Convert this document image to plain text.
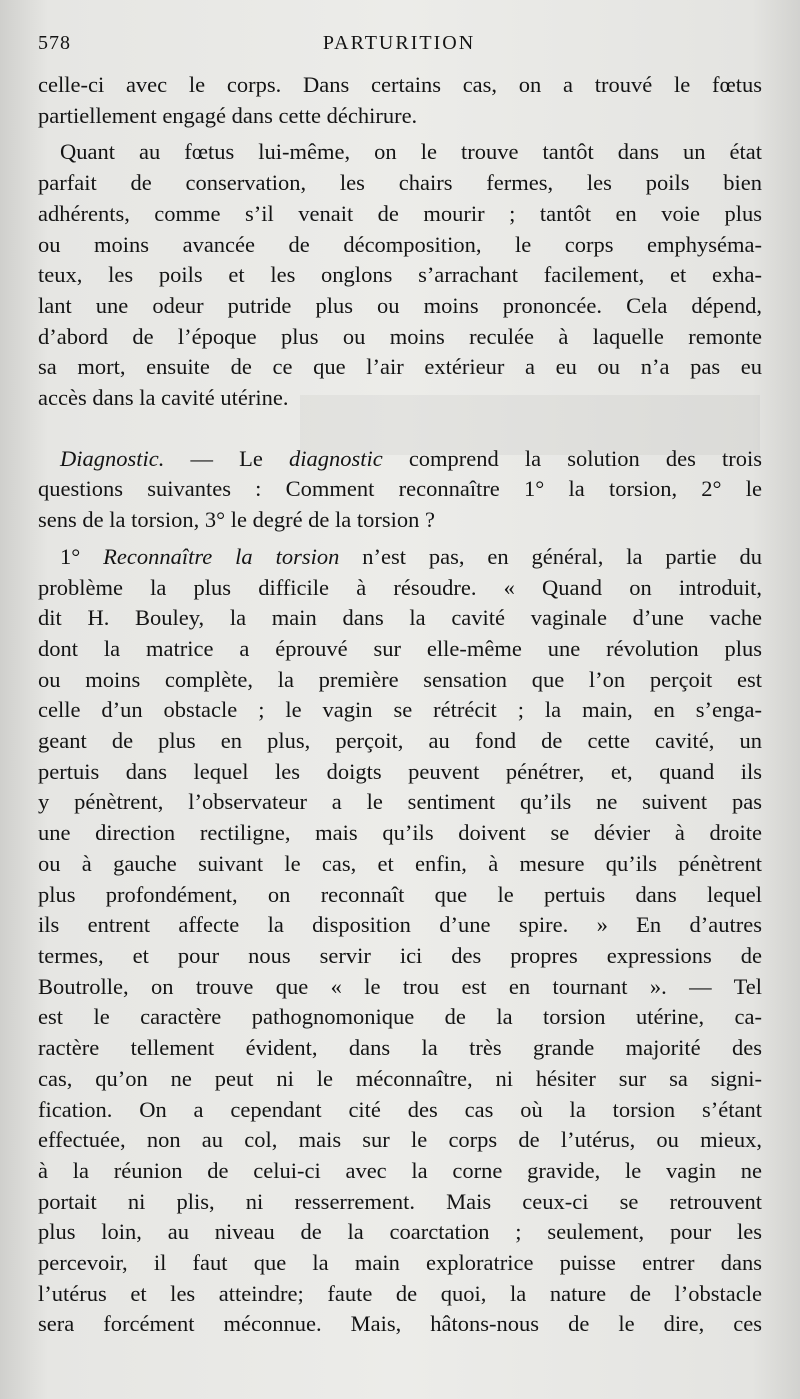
578	PARTURITION
celle-ci avec le corps. Dans certains cas, on a trouvé le fœtus
partiellement engagé dans cette déchirure.
Quant au fœtus lui-même, on le trouve tantôt dans un état
parfait de conservation, les chairs fermes, les poils bien
adhérents, comme s’il venait de mourir ; tantôt en voie plus
ou moins avancée de décomposition, le corps emphyséma-
teux, les poils et les onglons s’arrachant facilement, et exha-
lant une odeur putride plus ou moins prononcée. Cela dépend,
d’abord de l’époque plus ou moins reculée à laquelle remonte
sa mort, ensuite de ce que l’air extérieur a eu ou n’a pas eu
accès dans la cavité utérine.
Diagnostic. — Le diagnostic comprend la solution des trois
questions suivantes : Comment reconnaître 1° la torsion, 2° le
sens de la torsion, 3° le degré de la torsion ?
1° Reconnaître la torsion n’est pas, en général, la partie du
problème la plus difficile à résoudre. « Quand on introduit,
dit H. Bouley, la main dans la cavité vaginale d’une vache
dont la matrice a éprouvé sur elle-même une révolution plus
ou moins complète, la première sensation que l’on perçoit est
celle d’un obstacle ; le vagin se rétrécit ; la main, en s’enga-
geant de plus en plus, perçoit, au fond de cette cavité, un
pertuis dans lequel les doigts peuvent pénétrer, et, quand ils
y pénètrent, l’observateur a le sentiment qu’ils ne suivent pas
une direction rectiligne, mais qu’ils doivent se dévier à droite
ou à gauche suivant le cas, et enfin, à mesure qu’ils pénètrent
plus profondément, on reconnaît que le pertuis dans lequel
ils entrent affecte la disposition d’une spire. » En d’autres
termes, et pour nous servir ici des propres expressions de
Boutrolle, on trouve que « le trou est en tournant ». — Tel
est le caractère pathognomonique de la torsion utérine, ca-
ractère tellement évident, dans la très grande majorité des
cas, qu’on ne peut ni le méconnaître, ni hésiter sur sa signi-
fication. On a cependant cité des cas où la torsion s’étant
effectuée, non au col, mais sur le corps de l’utérus, ou mieux,
à la réunion de celui-ci avec la corne gravide, le vagin ne
portait ni plis, ni resserrement. Mais ceux-ci se retrouvent
plus loin, au niveau de la coarctation ; seulement, pour les
percevoir, il faut que la main exploratrice puisse entrer dans
l’utérus et les atteindre; faute de quoi, la nature de l’obstacle
sera forcément méconnue. Mais, hâtons-nous de le dire, ces
